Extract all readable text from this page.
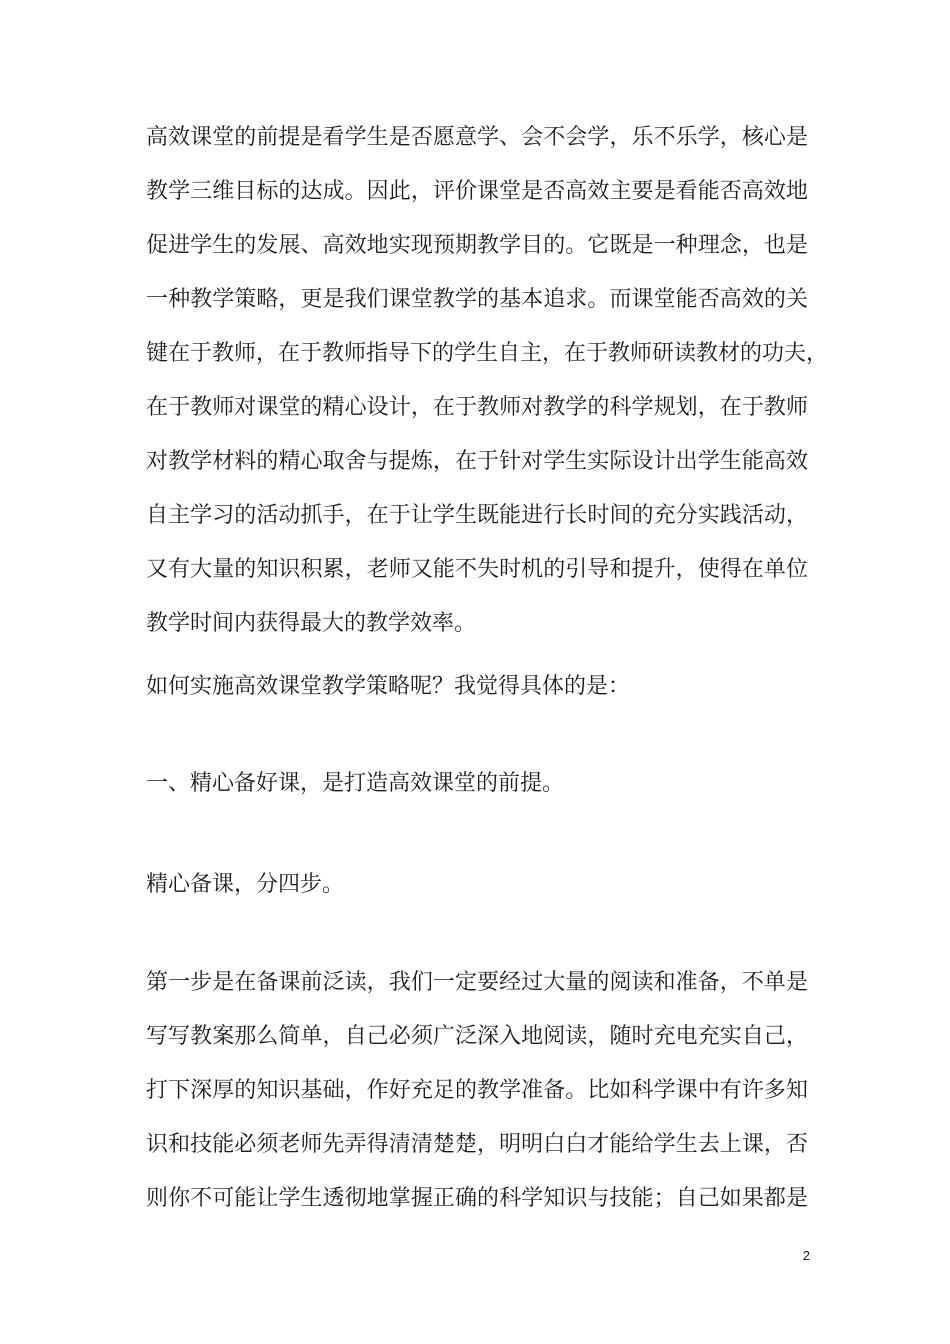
高效课堂的前提是看学生是否愿意学、会不会学，乐不乐学，核心是
教学三维目标的达成。因此，评价课堂是否高效主要是看能否高效地
促进学生的发展、高效地实现预期教学目的。它既是一种理念，也是
一种教学策略，更是我们课堂教学的基本追求。而课堂能否高效的关
键在于教师，在于教师指导下的学生自主，在于教师研读教材的功夫，
在于教师对课堂的精心设计，在于教师对教学的科学规划，在于教师
对教学材料的精心取舍与提炼，在于针对学生实际设计出学生能高效
自主学习的活动抓手，在于让学生既能进行长时间的充分实践活动，
又有大量的知识积累，老师又能不失时机的引导和提升，使得在单位
教学时间内获得最大的教学效率。
如何实施高效课堂教学策略呢？我觉得具体的是：
一、精心备好课，是打造高效课堂的前提。
精心备课，分四步。
第一步是在备课前泛读，我们一定要经过大量的阅读和准备，不单是
写写教案那么简单，自己必须广泛深入地阅读，随时充电充实自己，
打下深厚的知识基础，作好充足的教学准备。比如科学课中有许多知
识和技能必须老师先弄得清清楚楚，明明白白才能给学生去上课，否
则你不可能让学生透彻地掌握正确的科学知识与技能；自己如果都是
2
